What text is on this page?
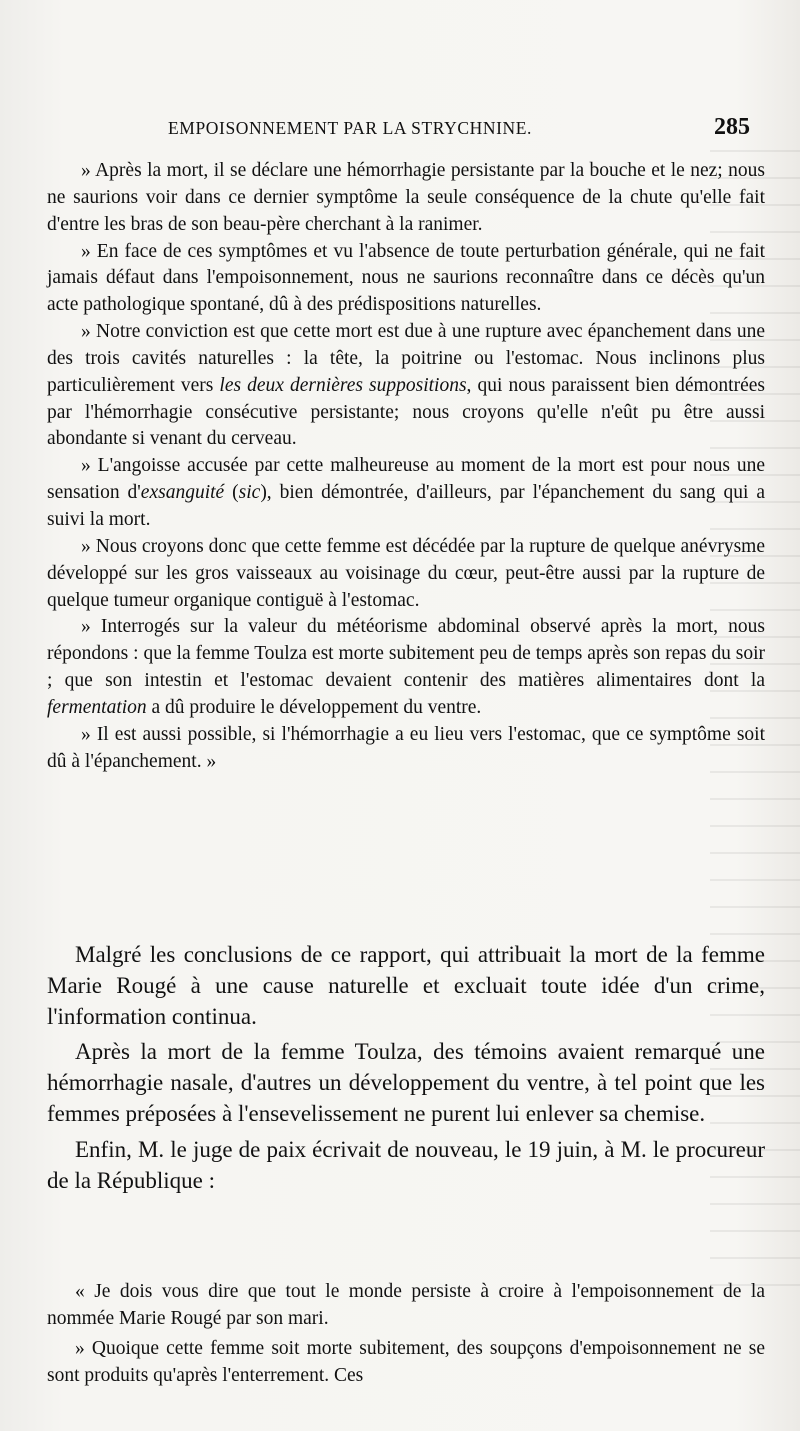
EMPOISONNEMENT PAR LA STRYCHNINE.	285

» Après la mort, il se déclare une hémorrhagie persistante par la bouche et le nez; nous ne saurions voir dans ce dernier symptôme la seule conséquence de la chute qu'elle fait d'entre les bras de son beau-père cherchant à la ranimer.

» En face de ces symptômes et vu l'absence de toute perturbation générale, qui ne fait jamais défaut dans l'empoisonnement, nous ne saurions reconnaître dans ce décès qu'un acte pathologique spontané, dû à des prédispositions naturelles.

» Notre conviction est que cette mort est due à une rupture avec épanchement dans une des trois cavités naturelles : la tête, la poitrine ou l'estomac. Nous inclinons plus particulièrement vers les deux dernières suppositions, qui nous paraissent bien démontrées par l'hémorrhagie consécutive persistante; nous croyons qu'elle n'eût pu être aussi abondante si venant du cerveau.

» L'angoisse accusée par cette malheureuse au moment de la mort est pour nous une sensation d'exsanguité (sic), bien démontrée, d'ailleurs, par l'épanchement du sang qui a suivi la mort.

» Nous croyons donc que cette femme est décédée par la rupture de quelque anévrysme développé sur les gros vaisseaux au voisinage du cœur, peut-être aussi par la rupture de quelque tumeur organique contiguë à l'estomac.

» Interrogés sur la valeur du météorisme abdominal observé après la mort, nous répondons : que la femme Toulza est morte subitement peu de temps après son repas du soir ; que son intestin et l'estomac devaient contenir des matières alimentaires dont la fermentation a dû produire le développement du ventre.

» Il est aussi possible, si l'hémorrhagie a eu lieu vers l'estomac, que ce symptôme soit dû à l'épanchement. »

Malgré les conclusions de ce rapport, qui attribuait la mort de la femme Marie Rougé à une cause naturelle et excluait toute idée d'un crime, l'information continua.

Après la mort de la femme Toulza, des témoins avaient remarqué une hémorrhagie nasale, d'autres un développement du ventre, à tel point que les femmes préposées à l'ensevelissement ne purent lui enlever sa chemise.

Enfin, M. le juge de paix écrivait de nouveau, le 19 juin, à M. le procureur de la République :

« Je dois vous dire que tout le monde persiste à croire à l'empoisonnement de la nommée Marie Rougé par son mari.

» Quoique cette femme soit morte subitement, des soupçons d'empoisonnement ne se sont produits qu'après l'enterrement. Ces
